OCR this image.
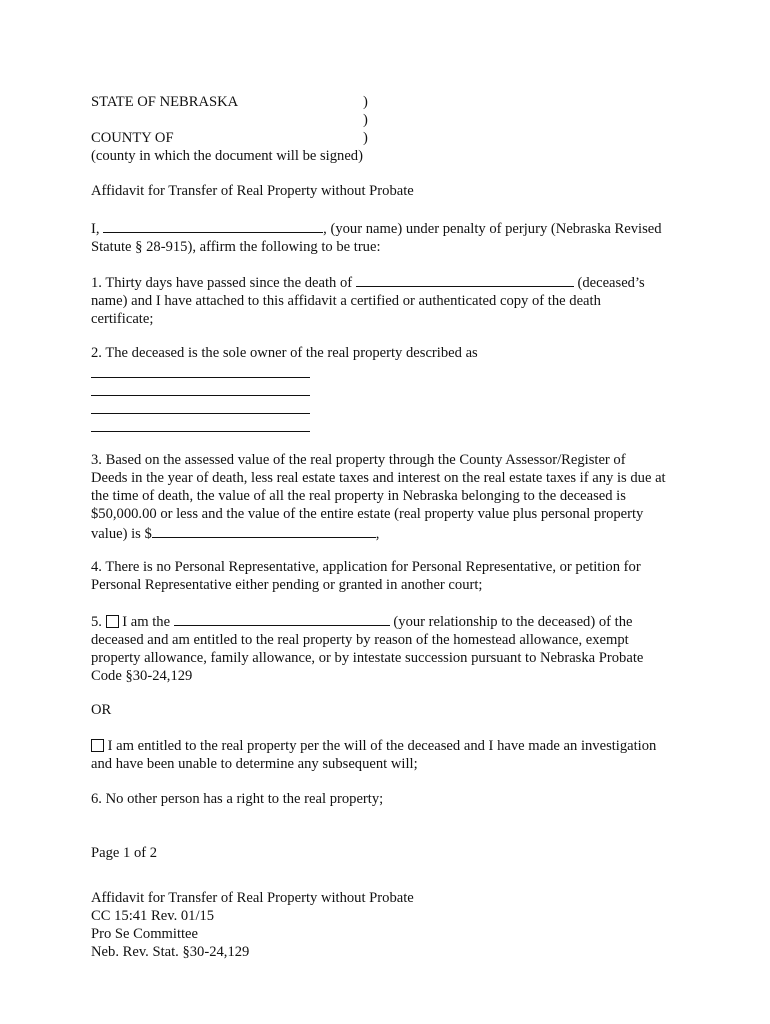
STATE OF NEBRASKA	)
)
COUNTY OF	)
(county in which the document will be signed)
Affidavit for Transfer of Real Property without Probate
I,	, (your name) under penalty of perjury (Nebraska Revised
Statute § 28-915), affirm the following to be true:
1. Thirty days have passed since the death of	(deceased’s
name) and I have attached to this affidavit a certified or authenticated copy of the death
certificate;
2. The deceased is the sole owner of the real property described as
3. Based on the assessed value of the real property through the County Assessor/Register of
Deeds in the year of death, less real estate taxes and interest on the real estate taxes if any is due at
the time of death, the value of all the real property in Nebraska belonging to the deceased is
$50,000.00 or less and the value of the entire estate (real property value plus personal property
value) is $	,
4. There is no Personal Representative, application for Personal Representative, or petition for
Personal Representative either pending or granted in another court;
5. I am the	(your relationship to the deceased) of the
deceased and am entitled to the real property by reason of the homestead allowance, exempt
property allowance, family allowance, or by intestate succession pursuant to Nebraska Probate
Code §30-24,129
OR
I am entitled to the real property per the will of the deceased and I have made an investigation
and have been unable to determine any subsequent will;
6. No other person has a right to the real property;
Page 1 of 2
Affidavit for Transfer of Real Property without Probate
CC 15:41 Rev. 01/15
Pro Se Committee
Neb. Rev. Stat. §30-24,129
